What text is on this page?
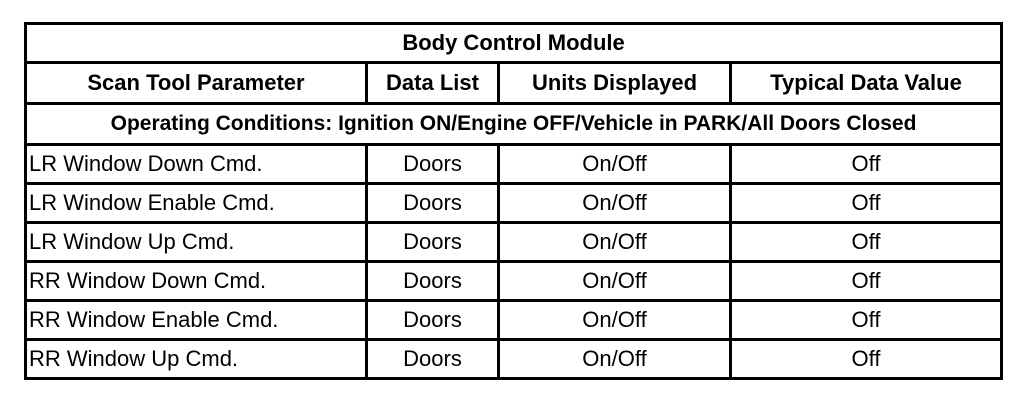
Body Control Module			
Scan Tool Parameter	Data List	Units Displayed	Typical Data Value
Operating Conditions: Ignition ON/Engine OFF/Vehicle in PARK/All Doors Closed			
LR Window Down Cmd.	Doors	On/Off	Off
LR Window Enable Cmd.	Doors	On/Off	Off
LR Window Up Cmd.	Doors	On/Off	Off
RR Window Down Cmd.	Doors	On/Off	Off
RR Window Enable Cmd.	Doors	On/Off	Off
RR Window Up Cmd.	Doors	On/Off	Off
